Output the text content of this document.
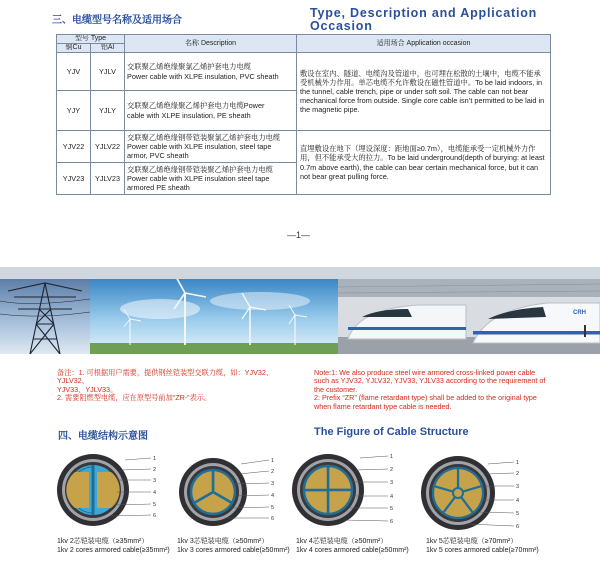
三、电缆型号名称及适用场合
Type, Description and Application
Occasion
型号 Type		名称 Description	适用场合 Application occasion
铜Cu	铝Al		
YJV	YJLV	交联聚乙烯绝缘聚氯乙烯护套电力电缆
Power cable with XLPE insulation, PVC sheath	敷设在室内、隧道、电缆沟及管道中，也可埋在松散的土壤中，电缆不能承受机械外力作用。单芯电缆不允许敷设在磁性管道中。To be laid indoors, in the tunnel, cable trench, pipe or under soft soil. The cable can not bear mechanical force from outside. Single core cable isn’t permitted to be laid in the magnetic pipe.
YJY	YJLY	交联聚乙烯绝缘聚乙烯护套电力电缆Power
cable with XLPE insulation, PE sheath	

YJV22	YJLV22	交联聚乙烯绝缘钢带铠装聚氯乙烯护套电力电缆
Power cable with XLPE insulation, steel tape armor, PVC sheath	直埋敷设在地下（埋设深度：距地面≥0.7m），电缆能承受一定机械外力作用，但不能承受大的拉力。To be laid underground(depth of burying: at least 0.7m above earth), the cable can bear certain mechanical force, but it can not bear great pulling force.
YJV23	YJLV23	交联聚乙烯绝缘钢带铠装聚乙烯护套电力电缆
Power cable with XLPE insulation steel tape armored PE sheath	
—1—
CRH
备注：1. 可根据用户需要，提供钢丝铠装型交联力缆，如：YJV32、YJLV32、
YJV33、YJLV33。
2. 需要阻燃型电缆，应在原型号前加“ZR-”表示。
Note:1: We also produce steel wire armored cross-linked power cable
such as YJV32, YJLV32, YJV33, YJLV33 according to the requirement of
the customer.
2: Prefix “ZR” (flame retardant type) shall be added to the original type
when flame retardant type cable is needed.
四、电缆结构示意图	The Figure of Cable Structure
1
2
3
4
5
6
1
2
3
4
5
6
1
2
3
4
5
6
1
2
3
4
5
6
1kv 2芯铠装电缆（≥35mm²）
1kv 2 cores armored cable(≥35mm²)
1kv 3芯铠装电缆（≥50mm²）
1kv 3 cores armored cable(≥50mm²)
1kv 4芯铠装电缆（≥50mm²）
1kv 4 cores armored cable(≥50mm²)
1kv 5芯铠装电缆（≥70mm²）
1kv 5 cores armored cable(≥70mm²)
